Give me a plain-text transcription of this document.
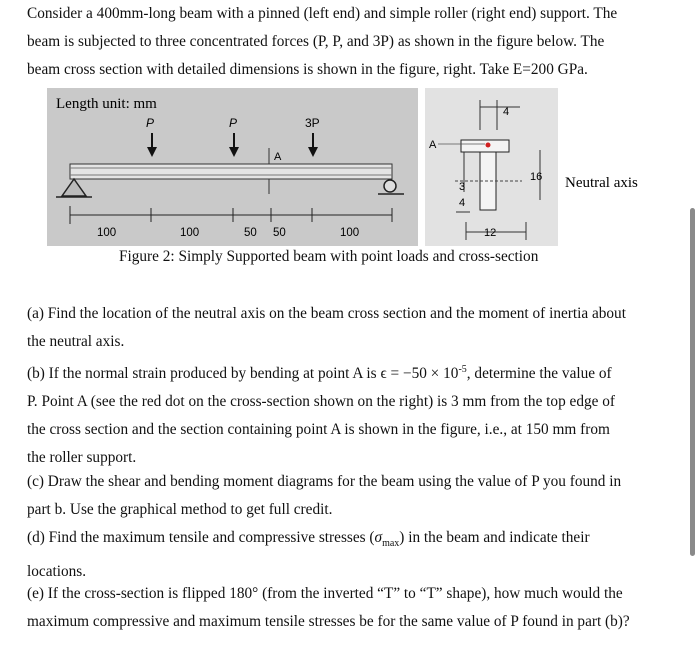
Consider a 400mm-long beam with a pinned (left end) and simple roller (right end) support. The
beam is subjected to three concentrated forces (P, P, and 3P) as shown in the figure below. The
beam cross section with detailed dimensions is shown in the figure, right. Take E=200 GPa.
Length unit: mm
P	P	3P
A
100	100	50 50	100
4
A
3
4
16
12
Neutral axis
Figure 2: Simply Supported beam with point loads and cross-section
(a) Find the location of the neutral axis on the beam cross section and the moment of inertia about
the neutral axis.
(b) If the normal strain produced by bending at point A is $\epsilon = -50 \times 10^{-5}$, determine the value of
P. Point A (see the red dot on the cross-section shown on the right) is 3 mm from the top edge of
the cross section and the section containing point A is shown in the figure, i.e., at 150 mm from
the roller support.
(c) Draw the shear and bending moment diagrams for the beam using the value of P you found in
part b. Use the graphical method to get full credit.
(d) Find the maximum tensile and compressive stresses $(\sigma_{max})$ in the beam and indicate their
locations.
(e) If the cross-section is flipped 180° (from the inverted “T” to “T” shape), how much would the
maximum compressive and maximum tensile stresses be for the same value of P found in part (b)?
